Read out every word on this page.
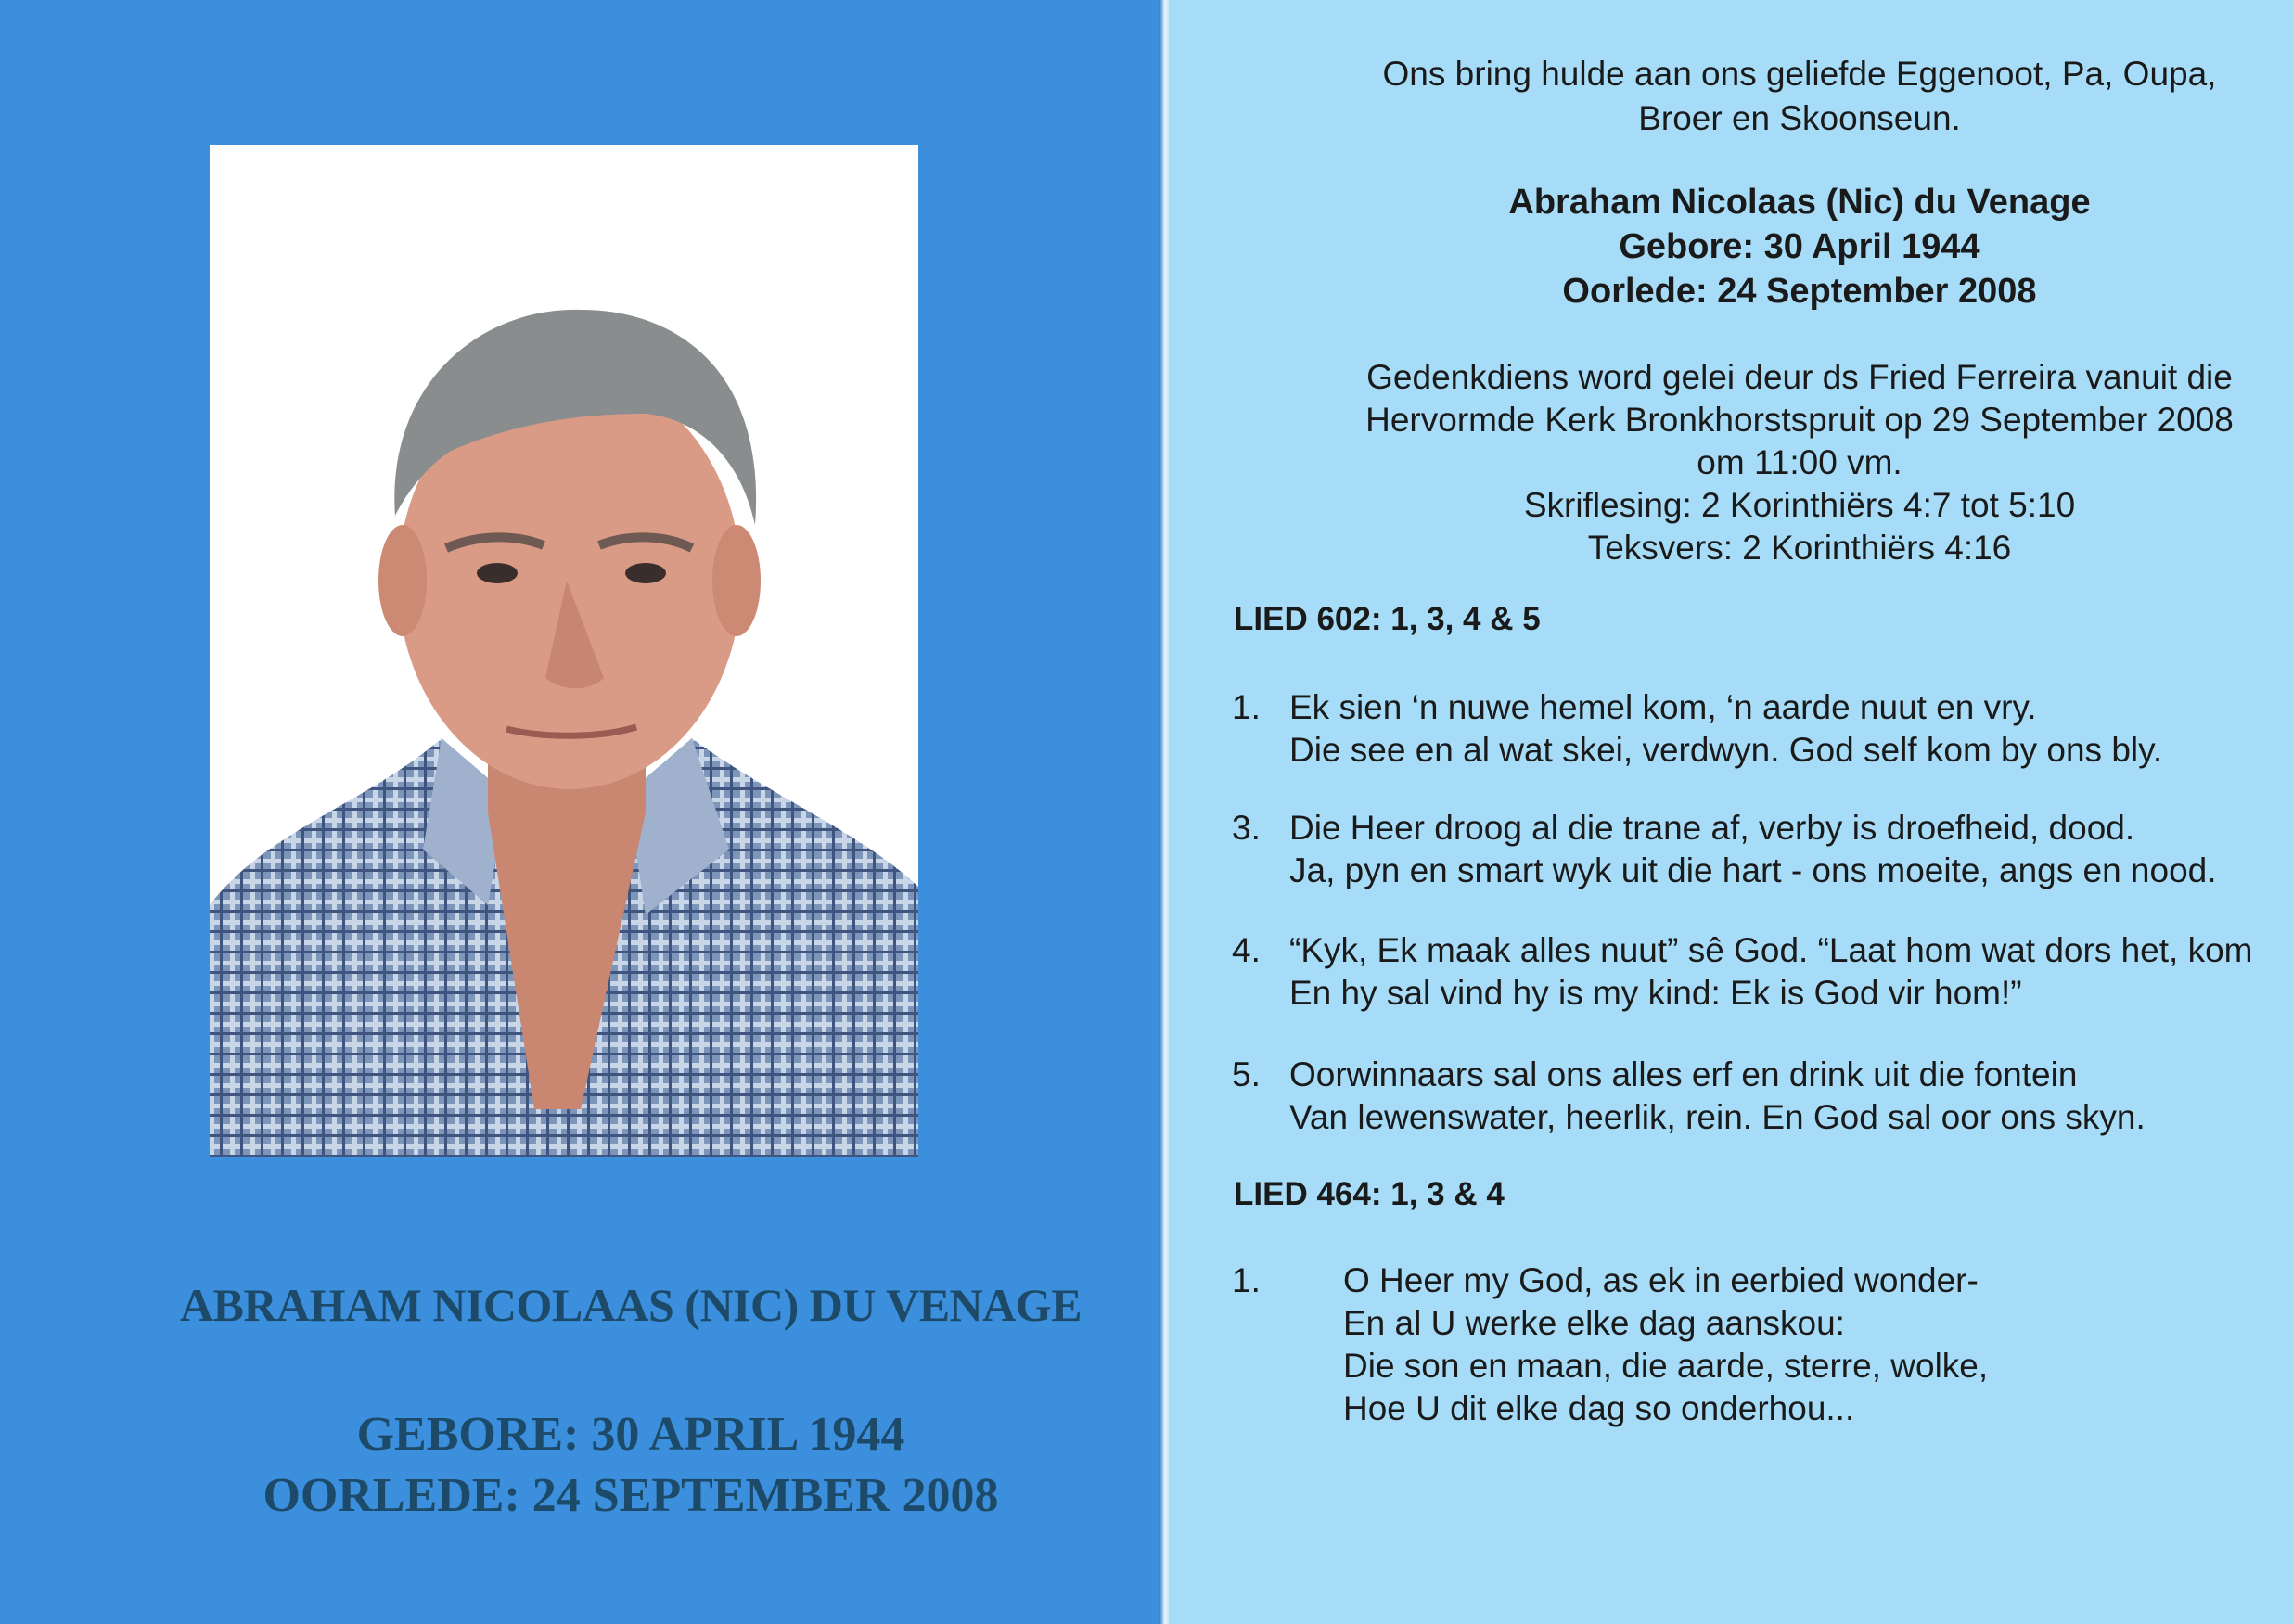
ABRAHAM NICOLAAS (NIC) DU VENAGE
GEBORE: 30 APRIL 1944
OORLEDE: 24 SEPTEMBER 2008
Ons bring hulde aan ons geliefde Eggenoot, Pa, Oupa,
Broer en Skoonseun.
Abraham Nicolaas (Nic) du Venage
Gebore: 30 April 1944
Oorlede: 24 September 2008
Gedenkdiens word gelei deur ds Fried Ferreira vanuit die
Hervormde Kerk Bronkhorstspruit op 29 September 2008
om 11:00 vm.
Skriflesing: 2 Korinthiërs 4:7 tot 5:10
Teksvers: 2 Korinthiërs 4:16
LIED 602: 1, 3, 4 & 5
1. Ek sien ‘n nuwe hemel kom, ‘n aarde nuut en vry.
Die see en al wat skei, verdwyn. God self kom by ons bly.
3. Die Heer droog al die trane af, verby is droefheid, dood.
Ja, pyn en smart wyk uit die hart - ons moeite, angs en nood.
4. “Kyk, Ek maak alles nuut” sê God. “Laat hom wat dors het, kom
En hy sal vind hy is my kind: Ek is God vir hom!”
5. Oorwinnaars sal ons alles erf en drink uit die fontein
Van lewenswater, heerlik, rein. En God sal oor ons skyn.
LIED 464: 1, 3 & 4
1.	O Heer my God, as ek in eerbied wonder-
En al U werke elke dag aanskou:
Die son en maan, die aarde, sterre, wolke,
Hoe U dit elke dag so onderhou...
